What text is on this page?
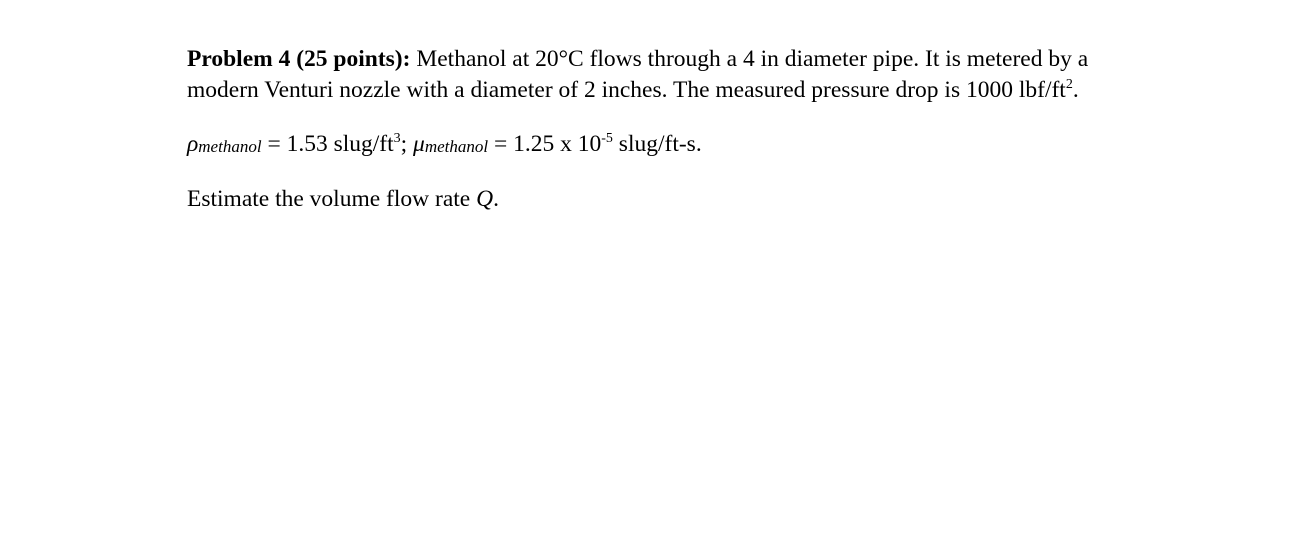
Problem 4 (25 points): Methanol at 20°C flows through a 4 in diameter pipe. It is metered by a modern Venturi nozzle with a diameter of 2 inches. The measured pressure drop is 1000 lbf/$ft^2$.

ρmethanol = 1.53 slug/$ft^3$; μmethanol = 1.25 x $10^{-5}$ slug/ft-s.

Estimate the volume flow rate Q.
